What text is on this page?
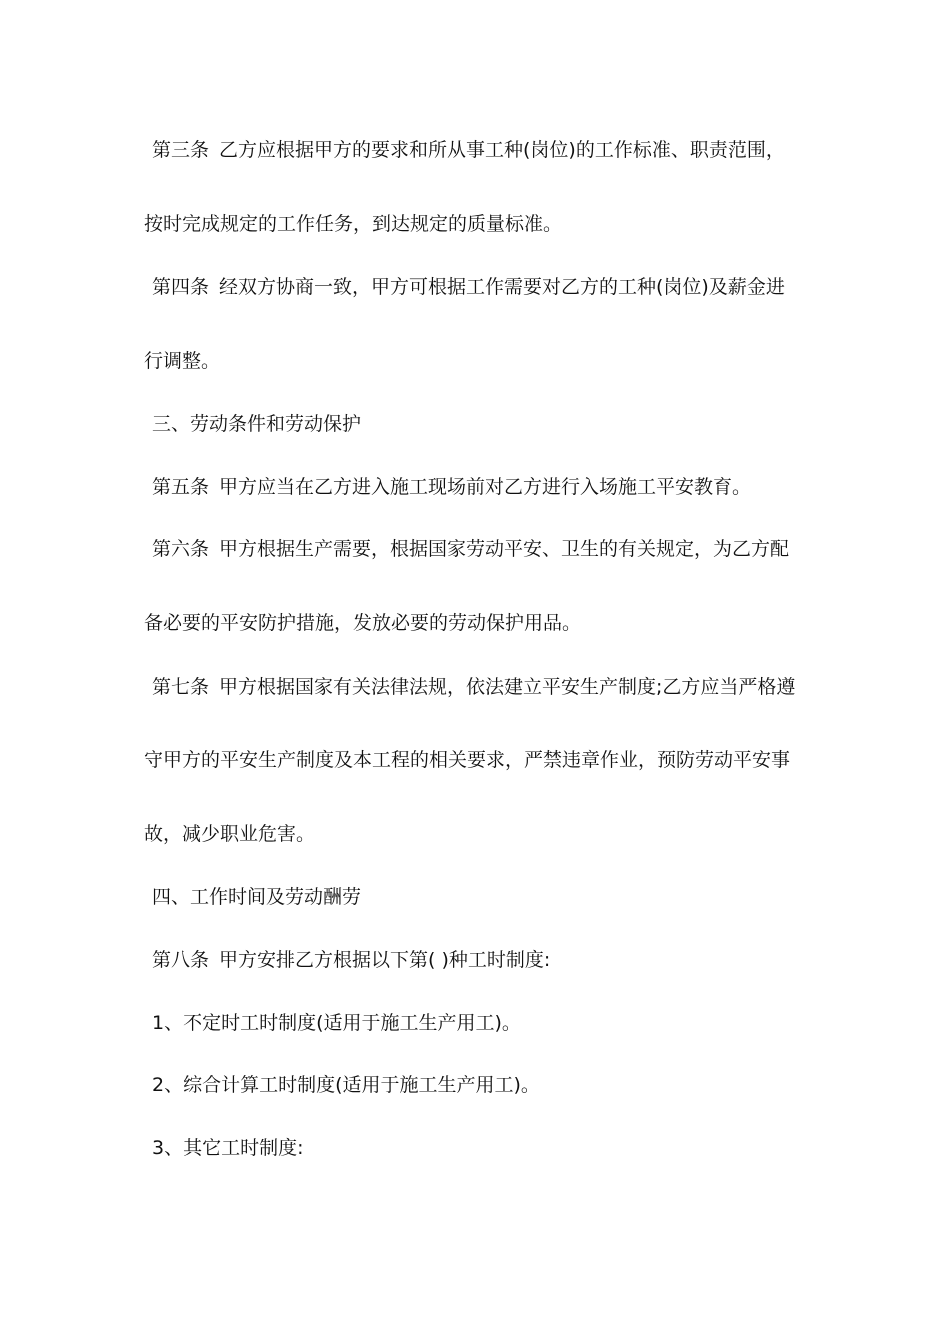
第三条 乙方应根据甲方的要求和所从事工种(岗位)的工作标准、职责范围，
按时完成规定的工作任务，到达规定的质量标准。
第四条 经双方协商一致，甲方可根据工作需要对乙方的工种(岗位)及薪金进
行调整。
三、劳动条件和劳动保护
第五条 甲方应当在乙方进入施工现场前对乙方进行入场施工平安教育。
第六条 甲方根据生产需要，根据国家劳动平安、卫生的有关规定，为乙方配
备必要的平安防护措施，发放必要的劳动保护用品。
第七条 甲方根据国家有关法律法规，依法建立平安生产制度;乙方应当严格遵
守甲方的平安生产制度及本工程的相关要求，严禁违章作业，预防劳动平安事
故，减少职业危害。
四、工作时间及劳动酬劳
第八条 甲方安排乙方根据以下第( )种工时制度:
1、不定时工时制度(适用于施工生产用工)。
2、综合计算工时制度(适用于施工生产用工)。
3、其它工时制度:
